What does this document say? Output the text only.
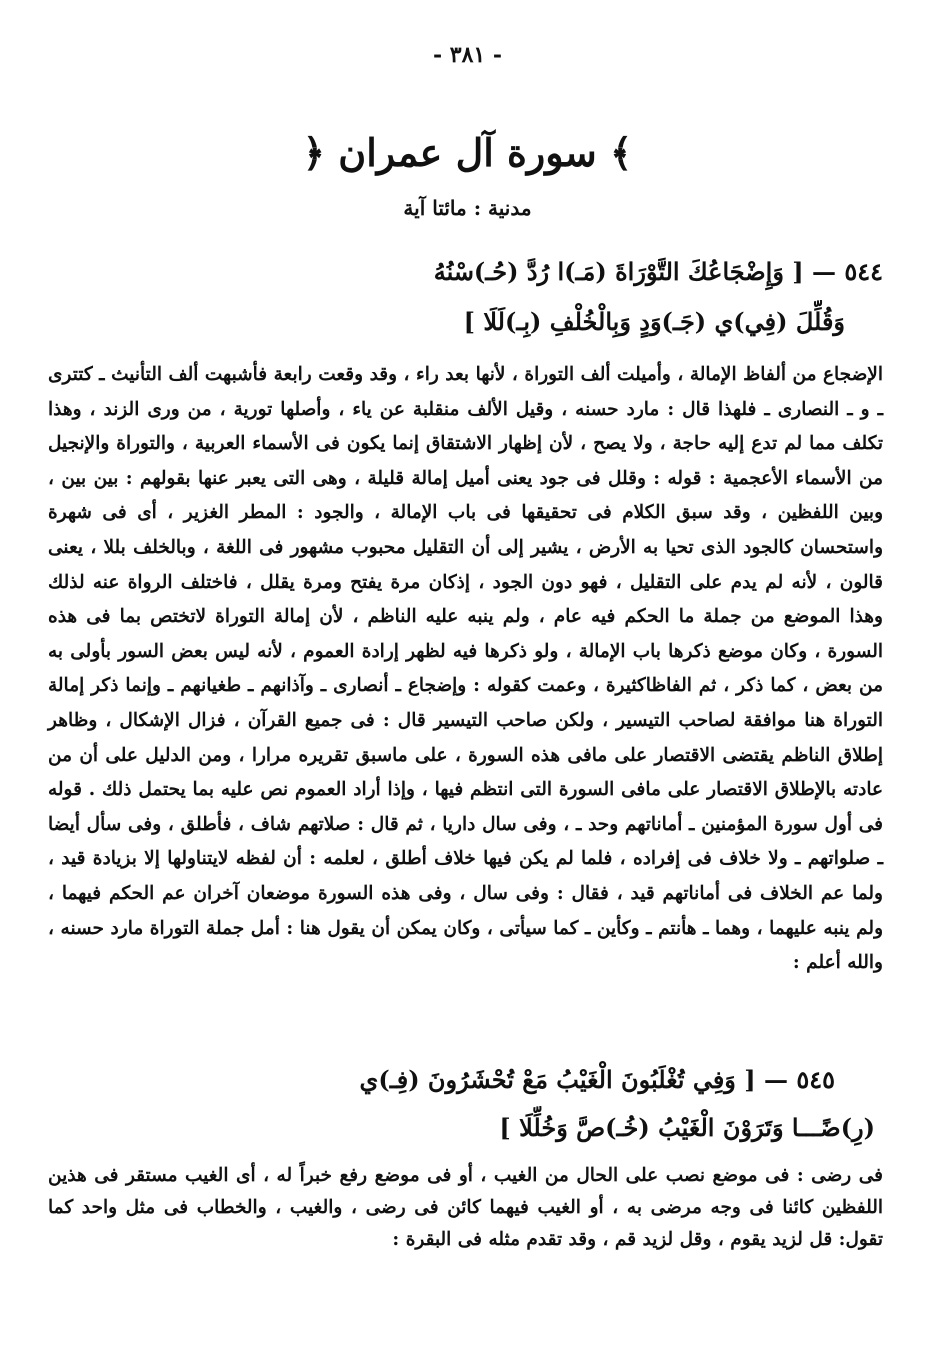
- ٣٨١ -
﴿ سورة آل عمران ﴾
مدنية : مائتا آية
٥٤٤ — [ وَإِضْجَاعُكَ التَّوْرَاةَ (مَـ)ا رُدَّ (حُـ)سْنُهُ
وَقُلِّلَ (فِي)ي (جَـ)وَدٍ وَبِالْخُلْفِ (بِـ)لَلَا ]
الإضجاع من ألفاظ الإمالة ، وأميلت ألف التوراة ، لأنها بعد راء ، وقد وقعت رابعة فأشبهت ألف التأنيث ـ كتترى ـ و ـ النصارى ـ فلهذا قال : مارد حسنه ، وقيل الألف منقلبة عن ياء ، وأصلها تورية ، من ورى الزند ، وهذا تكلف مما لم تدع إليه حاجة ، ولا يصح ، لأن إظهار الاشتقاق إنما يكون فى الأسماء العربية ، والتوراة والإنجيل من الأسماء الأعجمية : قوله : وقلل فى جود يعنى أميل إمالة قليلة ، وهى التى يعبر عنها بقولهم : بين بين ، وبين اللفظين ، وقد سبق الكلام فى تحقيقها فى باب الإمالة ، والجود : المطر الغزير ، أى فى شهرة واستحسان كالجود الذى تحيا به الأرض ، يشير إلى أن التقليل محبوب مشهور فى اللغة ، وبالخلف بللا ، يعنى قالون ، لأنه لم يدم على التقليل ، فهو دون الجود ، إذكان مرة يفتح ومرة يقلل ، فاختلف الرواة عنه لذلك وهذا الموضع من جملة ما الحكم فيه عام ، ولم ينبه عليه الناظم ، لأن إمالة التوراة لاتختص بما فى هذه السورة ، وكان موضع ذكرها باب الإمالة ، ولو ذكرها فيه لظهر إرادة العموم ، لأنه ليس بعض السور بأولى به من بعض ، كما ذكر ، ثم الفاظاكثيرة ، وعمت كقوله : وإضجاع ـ أنصارى ـ وآذانهم ـ طغيانهم ـ وإنما ذكر إمالة التوراة هنا موافقة لصاحب التيسير ، ولكن صاحب التيسير قال : فى جميع القرآن ، فزال الإشكال ، وظاهر إطلاق الناظم يقتضى الاقتصار على مافى هذه السورة ، على ماسبق تقريره مرارا ، ومن الدليل على أن من عادته بالإطلاق الاقتصار على مافى السورة التى انتظم فيها ، وإذا أراد العموم نص عليه بما يحتمل ذلك . قوله فى أول سورة المؤمنين ـ أماناتهم وحد ـ ، وفى سال داريا ، ثم قال : صلاتهم شاف ، فأطلق ، وفى سأل أيضا ـ صلواتهم ـ ولا خلاف فى إفراده ، فلما لم يكن فيها خلاف أطلق ، لعلمه : أن لفظه لايتناولها إلا بزيادة قيد ، ولما عم الخلاف فى أماناتهم قيد ، فقال : وفى سال ، وفى هذه السورة موضعان آخران عم الحكم فيهما ، ولم ينبه عليهما ، وهما ـ هأنتم ـ وكأين ـ كما سيأتى ، وكان يمكن أن يقول هنا : أمل جملة التوراة مارد حسنه ، والله أعلم :
٥٤٥ — [ وَفِي تُغْلَبُونَ الْغَيْبُ مَعْ تُحْشَرُونَ (فِـ)ي
(رِ)ضًـــا وَتَرَوْنَ الْغَيْبُ (خُـ)صَّ وَخُلِّلَا ]
فى رضى : فى موضع نصب على الحال من الغيب ، أو فى موضع رفع خبراً له ، أى الغيب مستقر فى هذين اللفظين كائنا فى وجه مرضى به ، أو الغيب فيهما كائن فى رضى ، والغيب ، والخطاب فى مثل واحد كما تقول: قل لزيد يقوم ، وقل لزيد قم ، وقد تقدم مثله فى البقرة :
